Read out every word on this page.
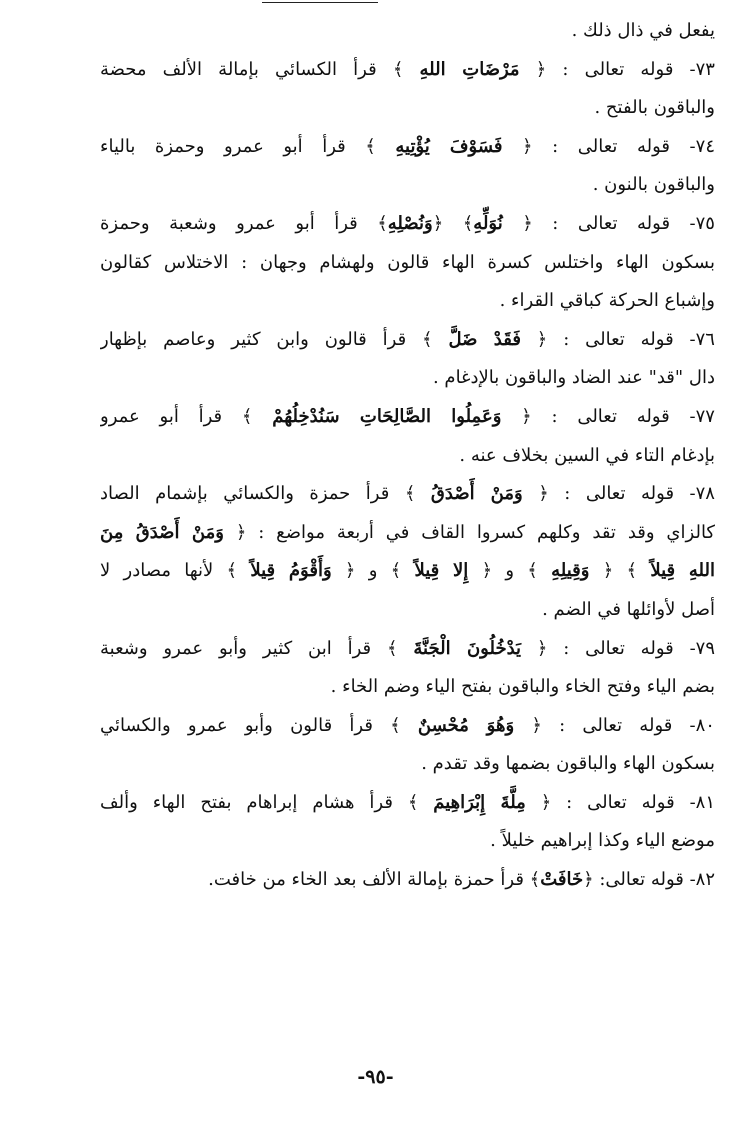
يفعل في ذال ذلك .
٧٣- قوله تعالى : ﴿ مَرْضَاتِ اللهِ ﴾ قرأ الكسائي بإمالة الألف محضة
والباقون بالفتح .
٧٤- قوله تعالى : ﴿ فَسَوْفَ يُؤْتِيهِ ﴾ قرأ أبو عمرو وحمزة بالياء
والباقون بالنون .
٧٥- قوله تعالى : ﴿ نُوَلِّهِ﴾ ﴿وَنُصْلِهِ﴾ قرأ أبو عمرو وشعبة وحمزة
بسكون الهاء واختلس كسرة الهاء قالون ولهشام وجهان : الاختلاس كقالون
وإشباع الحركة كباقي القراء .
٧٦- قوله تعالى : ﴿ فَقَدْ ضَلَّ ﴾ قرأ قالون وابن كثير وعاصم بإظهار
دال "قد" عند الضاد والباقون بالإدغام .
٧٧- قوله تعالى : ﴿ وَعَمِلُوا الصَّالِحَاتِ سَنُدْخِلُهُمْ ﴾ قرأ أبو عمرو
بإدغام التاء في السين بخلاف عنه .
٧٨- قوله تعالى : ﴿ وَمَنْ أَصْدَقُ ﴾ قرأ حمزة والكسائي بإشمام الصاد
كالزاي وقد تقد وكلهم كسروا القاف في أربعة مواضع : ﴿ وَمَنْ أَصْدَقُ مِنَ
اللهِ قِيلاً ﴾ ﴿ وَقِيلِهِ ﴾ و ﴿ إِلا قِيلاً ﴾ و ﴿ وَأَقْوَمُ قِيلاً ﴾ لأنها مصادر لا
أصل لأوائلها في الضم .
٧٩- قوله تعالى : ﴿ يَدْخُلُونَ الْجَنَّةَ ﴾ قرأ ابن كثير وأبو عمرو وشعبة
بضم الياء وفتح الخاء والباقون بفتح الياء وضم الخاء .
٨٠- قوله تعالى : ﴿ وَهُوَ مُحْسِنٌ ﴾ قرأ قالون وأبو عمرو والكسائي
بسكون الهاء والباقون بضمها وقد تقدم .
٨١- قوله تعالى : ﴿ مِلَّةَ إِبْرَاهِيمَ ﴾ قرأ هشام إبراهام بفتح الهاء وألف
موضع الياء وكذا إبراهيم خليلاً .
٨٢- قوله تعالى: ﴿خَافَتْ﴾ قرأ حمزة بإمالة الألف بعد الخاء من خافت.
-٩٥-
